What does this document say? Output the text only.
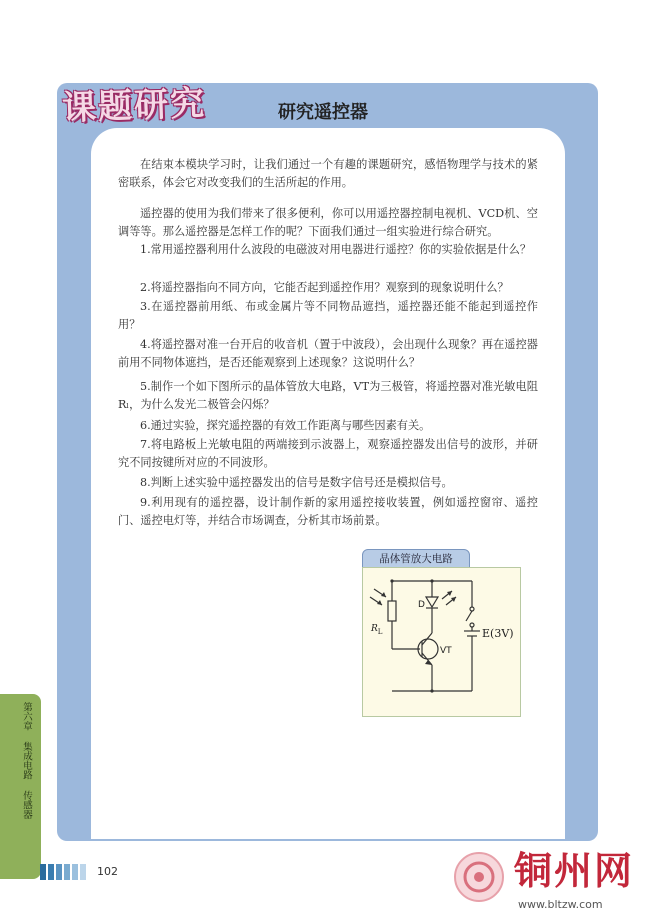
课题研究	研究遥控器

在结束本模块学习时，让我们通过一个有趣的课题研究，感悟物理学与技术的紧密联系，体会它对改变我们的生活所起的作用。

遥控器的使用为我们带来了很多便利，你可以用遥控器控制电视机、VCD机、空调等等。那么遥控器是怎样工作的呢？下面我们通过一组实验进行综合研究。

1.常用遥控器利用什么波段的电磁波对用电器进行遥控？你的实验依据是什么？

2.将遥控器指向不同方向，它能否起到遥控作用？观察到的现象说明什么？

3.在遥控器前用纸、布或金属片等不同物品遮挡，遥控器还能不能起到遥控作用？

4.将遥控器对准一台开启的收音机（置于中波段），会出现什么现象？再在遥控器前用不同物体遮挡，是否还能观察到上述现象？这说明什么？

5.制作一个如下图所示的晶体管放大电路，VT为三极管，将遥控器对准光敏电阻Rₗ，为什么发光二极管会闪烁？

6.通过实验，探究遥控器的有效工作距离与哪些因素有关。

7.将电路板上光敏电阻的两端接到示波器上，观察遥控器发出信号的波形，并研究不同按键所对应的不同波形。

8.判断上述实验中遥控器发出的信号是数字信号还是模拟信号。

9.利用现有的遥控器，设计制作新的家用遥控接收装置，例如遥控窗帘、遥控门、遥控电灯等，并结合市场调查，分析其市场前景。

晶体管放大电路
D
$R_L$
VT
E(3V)
第六章 集成电路 传感器
102	铜州网
www.bltzw.com
